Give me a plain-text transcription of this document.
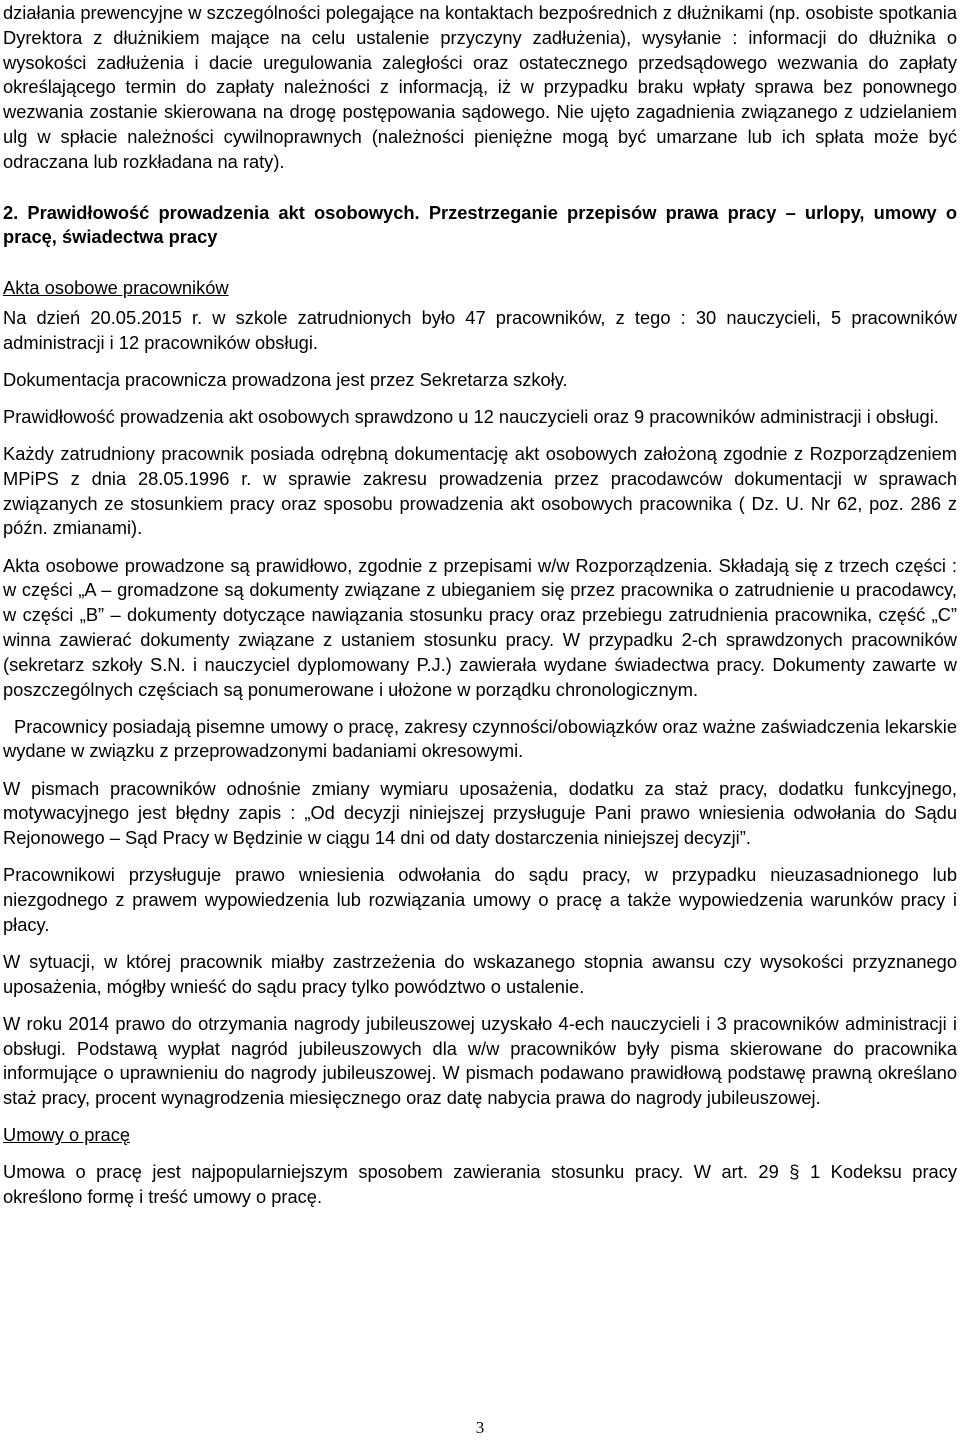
działania prewencyjne w szczególności polegające na kontaktach bezpośrednich z dłużnikami (np. osobiste spotkania Dyrektora z dłużnikiem mające na celu ustalenie przyczyny zadłużenia), wysyłanie : informacji do dłużnika o wysokości zadłużenia i dacie uregulowania zaległości oraz ostatecznego przedsądowego wezwania do zapłaty określającego termin do zapłaty należności z informacją, iż w przypadku braku wpłaty sprawa bez ponownego wezwania zostanie skierowana na drogę postępowania sądowego. Nie ujęto zagadnienia związanego z udzielaniem ulg w spłacie należności cywilnoprawnych (należności pieniężne mogą być umarzane lub ich spłata może być odraczana lub rozkładana na raty).

2. Prawidłowość prowadzenia akt osobowych. Przestrzeganie przepisów prawa pracy – urlopy, umowy o pracę, świadectwa pracy

Akta osobowe pracowników

Na dzień 20.05.2015 r. w szkole zatrudnionych było 47 pracowników, z tego : 30 nauczycieli, 5 pracowników administracji i 12 pracowników obsługi.

Dokumentacja pracownicza prowadzona jest przez Sekretarza szkoły.

Prawidłowość prowadzenia akt osobowych sprawdzono u 12 nauczycieli oraz 9 pracowników administracji i obsługi.

Każdy zatrudniony pracownik posiada odrębną dokumentację akt osobowych założoną zgodnie z Rozporządzeniem MPiPS z dnia 28.05.1996 r. w sprawie zakresu prowadzenia przez pracodawców dokumentacji w sprawach związanych ze stosunkiem pracy oraz sposobu prowadzenia akt osobowych pracownika ( Dz. U. Nr 62, poz. 286 z późn. zmianami).

Akta osobowe prowadzone są prawidłowo, zgodnie z przepisami w/w Rozporządzenia. Składają się z trzech części : w części „A – gromadzone są dokumenty związane z ubieganiem się przez pracownika o zatrudnienie u pracodawcy, w części „B” – dokumenty dotyczące nawiązania stosunku pracy oraz przebiegu zatrudnienia pracownika, część „C” winna zawierać dokumenty związane z ustaniem stosunku pracy. W przypadku 2-ch sprawdzonych pracowników (sekretarz szkoły S.N. i nauczyciel dyplomowany P.J.) zawierała wydane świadectwa pracy. Dokumenty zawarte w poszczególnych częściach są ponumerowane i ułożone w porządku chronologicznym.

Pracownicy posiadają pisemne umowy o pracę, zakresy czynności/obowiązków oraz ważne zaświadczenia lekarskie wydane w związku z przeprowadzonymi badaniami okresowymi.

W pismach pracowników odnośnie zmiany wymiaru uposażenia, dodatku za staż pracy, dodatku funkcyjnego, motywacyjnego jest błędny zapis : „Od decyzji niniejszej przysługuje Pani prawo wniesienia odwołania do Sądu Rejonowego – Sąd Pracy w Będzinie w ciągu 14 dni od daty dostarczenia niniejszej decyzji”.

Pracownikowi przysługuje prawo wniesienia odwołania do sądu pracy, w przypadku nieuzasadnionego lub niezgodnego z prawem wypowiedzenia lub rozwiązania umowy o pracę a także wypowiedzenia warunków pracy i płacy.

W sytuacji, w której pracownik miałby zastrzeżenia do wskazanego stopnia awansu czy wysokości przyznanego uposażenia, mógłby wnieść do sądu pracy tylko powództwo o ustalenie.

W roku 2014 prawo do otrzymania nagrody jubileuszowej uzyskało 4-ech nauczycieli i 3 pracowników administracji i obsługi. Podstawą wypłat nagród jubileuszowych dla w/w pracowników były pisma skierowane do pracownika informujące o uprawnieniu do nagrody jubileuszowej. W pismach podawano prawidłową podstawę prawną określano staż pracy, procent wynagrodzenia miesięcznego oraz datę nabycia prawa do nagrody jubileuszowej.

Umowy o pracę

Umowa o pracę jest najpopularniejszym sposobem zawierania stosunku pracy. W art. 29 § 1 Kodeksu pracy określono formę i treść umowy o pracę.

3
